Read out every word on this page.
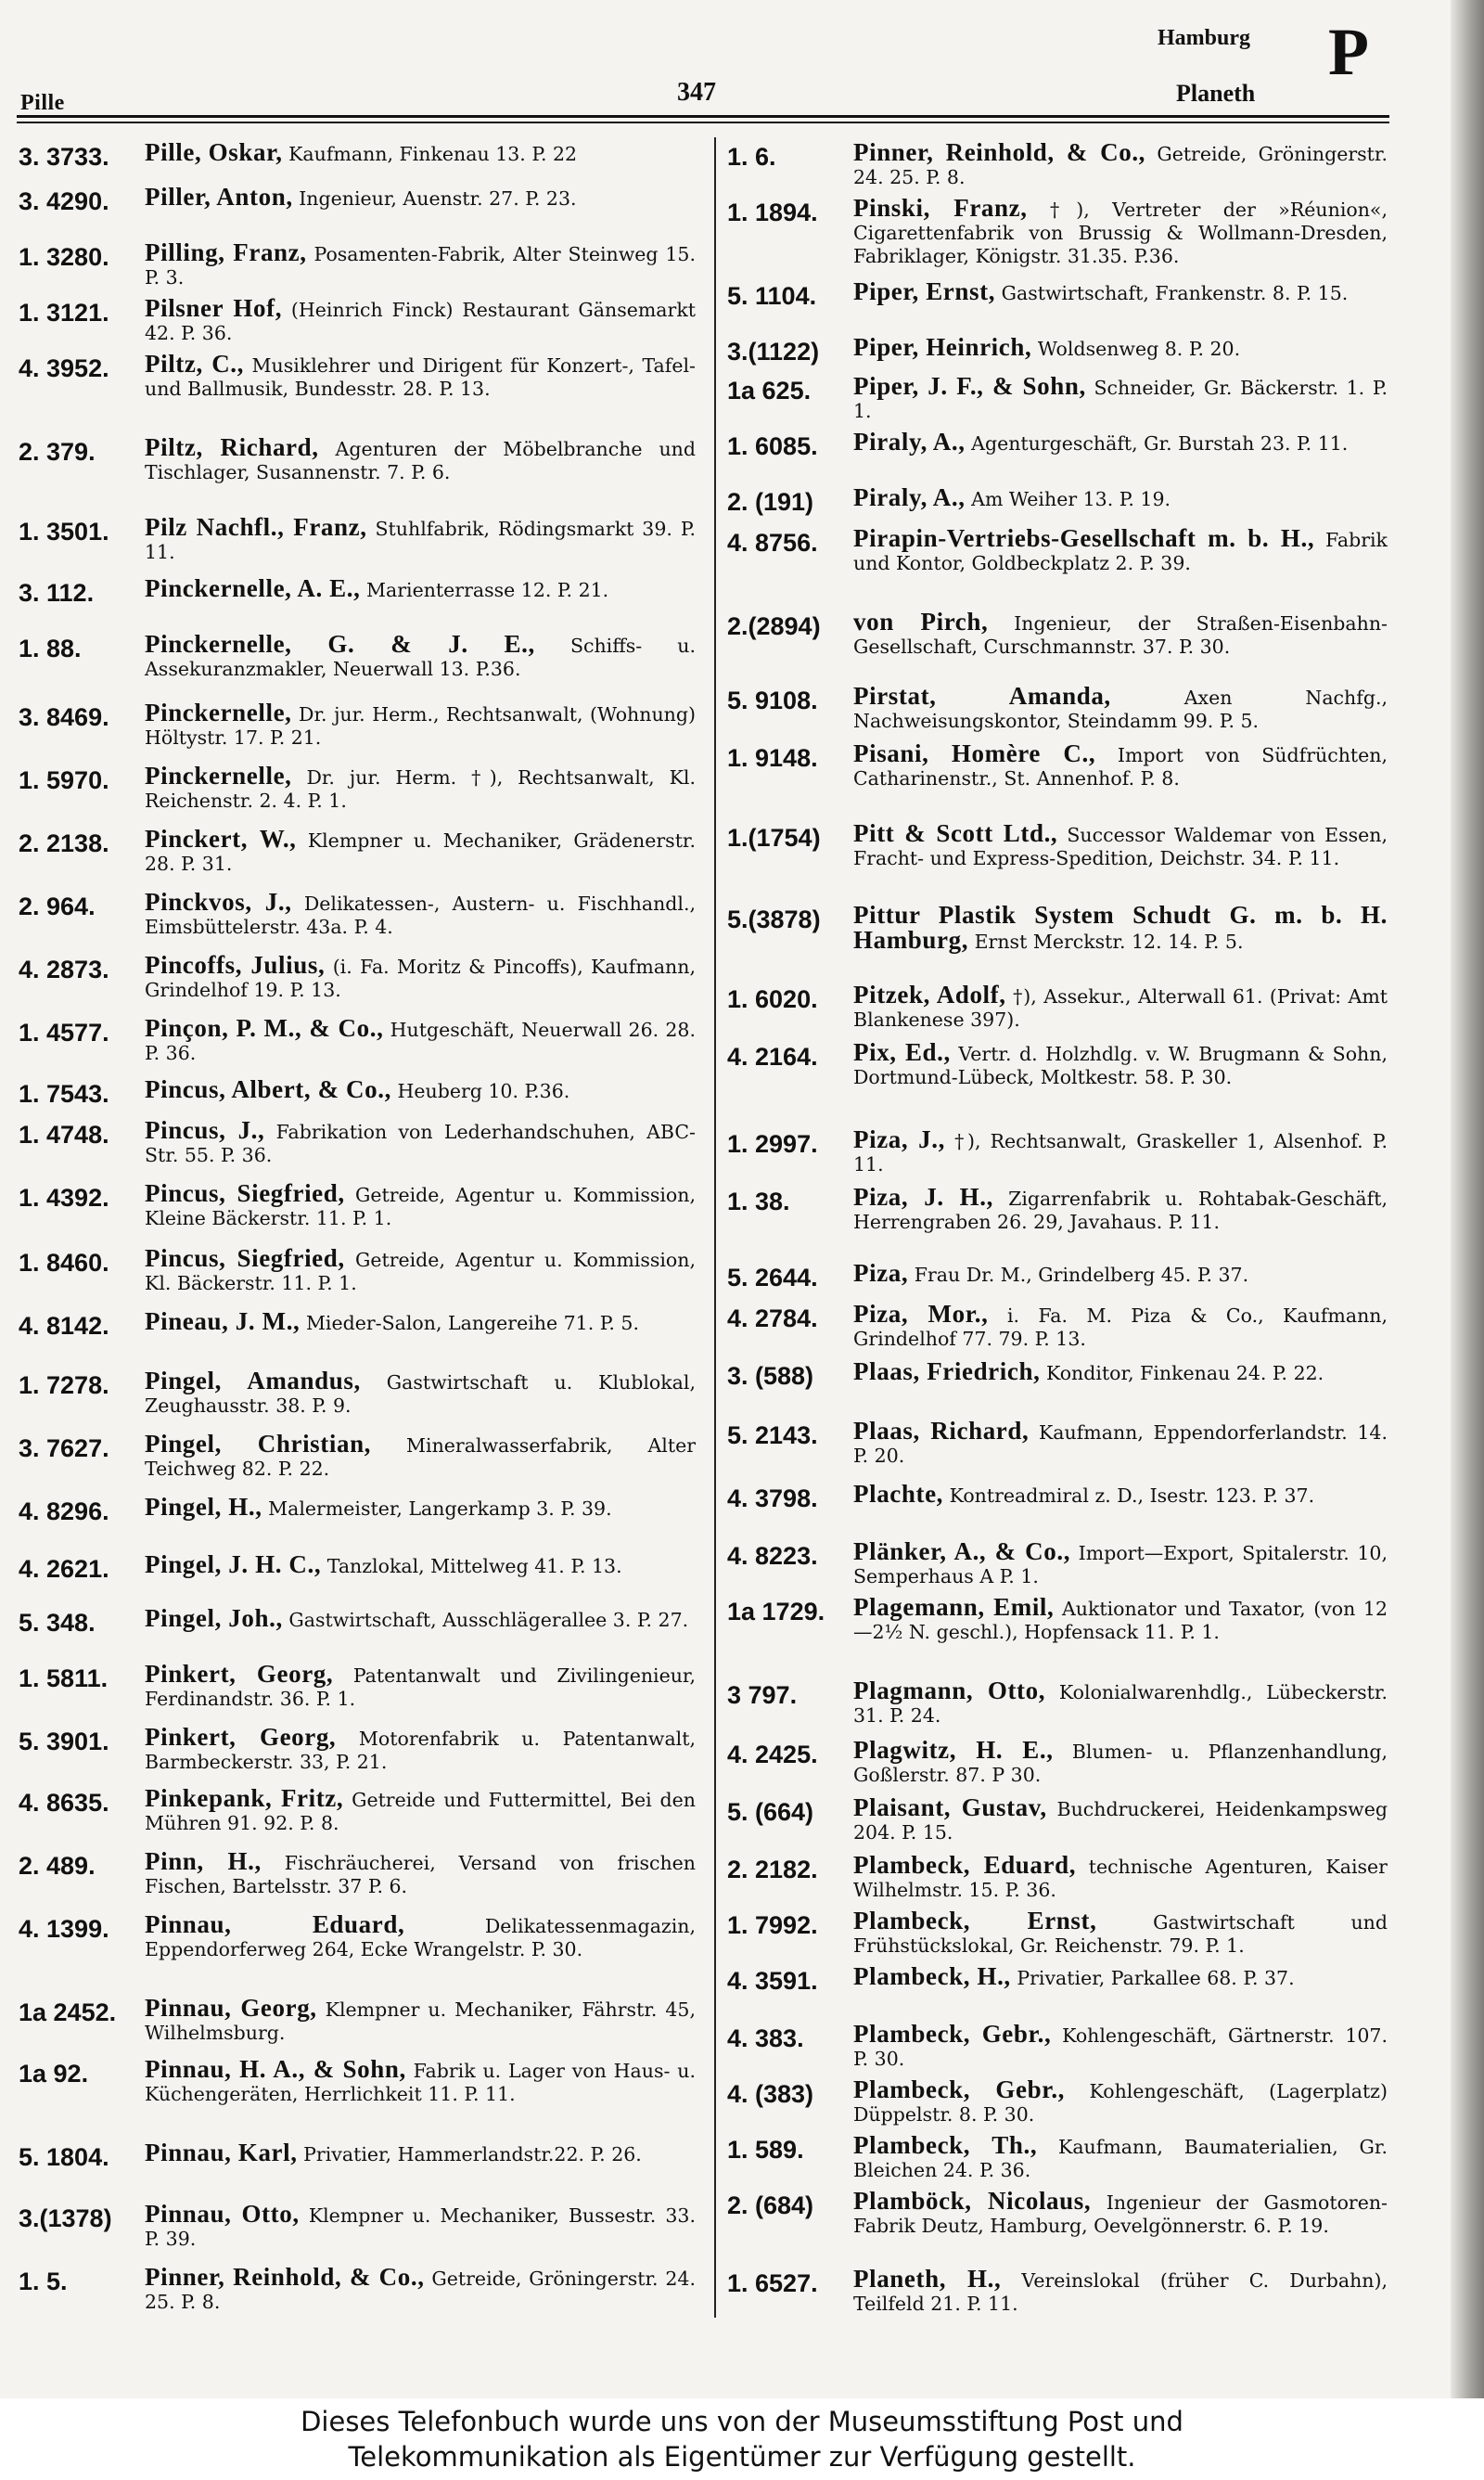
Pille	347
Hamburg
Planeth
P
3. 3733.	Pille, Oskar, Kaufmann, Finkenau 13. P. 22
3. 4290.	Piller, Anton, Ingenieur, Auenstr. 27. P. 23.
1. 3280.	Pilling, Franz, Posamenten-Fabrik, Alter Steinweg 15. P. 3.
1. 3121.	Pilsner Hof, (Heinrich Finck) Restaurant Gänsemarkt 42. P. 36.
4. 3952.	Piltz, C., Musiklehrer und Dirigent für Konzert-, Tafel- und Ballmusik, Bundesstr. 28. P. 13.
2. 379.	Piltz, Richard, Agenturen der Möbelbranche und Tischlager, Susannenstr. 7. P. 6.
1. 3501.	Pilz Nachfl., Franz, Stuhlfabrik, Rödingsmarkt 39. P. 11.
3. 112.	Pinckernelle, A. E., Marienterrasse 12. P. 21.
1. 88.	Pinckernelle, G. & J. E., Schiffs- u. Assekuranzmakler, Neuerwall 13. P.36.
3. 8469.	Pinckernelle, Dr. jur. Herm., Rechtsanwalt, (Wohnung) Höltystr. 17. P. 21.
1. 5970.	Pinckernelle, Dr. jur. Herm. †), Rechtsanwalt, Kl. Reichenstr. 2. 4. P. 1.
2. 2138.	Pinckert, W., Klempner u. Mechaniker, Grädenerstr. 28. P. 31.
2. 964.	Pinckvos, J., Delikatessen-, Austern- u. Fischhandl., Eimsbüttelerstr. 43a. P. 4.
4. 2873.	Pincoffs, Julius, (i. Fa. Moritz & Pincoffs), Kaufmann, Grindelhof 19. P. 13.
1. 4577.	Pinçon, P. M., & Co., Hutgeschäft, Neuerwall 26. 28. P. 36.
1. 7543.	Pincus, Albert, & Co., Heuberg 10. P.36.
1. 4748.	Pincus, J., Fabrikation von Lederhandschuhen, ABC-Str. 55. P. 36.
1. 4392.	Pincus, Siegfried, Getreide, Agentur u. Kommission, Kleine Bäckerstr. 11. P. 1.
1. 8460.	Pincus, Siegfried, Getreide, Agentur u. Kommission, Kl. Bäckerstr. 11. P. 1.
4. 8142.	Pineau, J. M., Mieder-Salon, Langereihe 71. P. 5.
1. 7278.	Pingel, Amandus, Gastwirtschaft u. Klublokal, Zeughausstr. 38. P. 9.
3. 7627.	Pingel, Christian, Mineralwasserfabrik, Alter Teichweg 82. P. 22.
4. 8296.	Pingel, H., Malermeister, Langerkamp 3. P. 39.
4. 2621.	Pingel, J. H. C., Tanzlokal, Mittelweg 41. P. 13.
5. 348.	Pingel, Joh., Gastwirtschaft, Ausschlägerallee 3. P. 27.
1. 5811.	Pinkert, Georg, Patentanwalt und Zivilingenieur, Ferdinandstr. 36. P. 1.
5. 3901.	Pinkert, Georg, Motorenfabrik u. Patentanwalt, Barmbeckerstr. 33, P. 21.
4. 8635.	Pinkepank, Fritz, Getreide und Futtermittel, Bei den Mühren 91. 92. P. 8.
2. 489.	Pinn, H., Fischräucherei, Versand von frischen Fischen, Bartelsstr. 37 P. 6.
4. 1399.	Pinnau, Eduard,	Delikatessenmagazin, Eppendorferweg 264, Ecke Wrangelstr. P. 30.
1a 2452.	Pinnau, Georg, Klempner u. Mechaniker, Fährstr. 45, Wilhelmsburg.
1a 92.	Pinnau, H. A., & Sohn, Fabrik u. Lager von Haus- u. Küchengeräten, Herrlichkeit 11. P. 11.
5. 1804.	Pinnau, Karl, Privatier, Hammerlandstr.22. P. 26.
3.(1378)	Pinnau, Otto, Klempner u. Mechaniker, Bussestr. 33. P. 39.
1. 5.	Pinner, Reinhold, & Co., Getreide, Gröningerstr. 24. 25. P. 8.
1. 6.	Pinner, Reinhold, & Co., Getreide, Gröningerstr. 24. 25. P. 8.
1. 1894.	Pinski, Franz, †), Vertreter der »Réunion«, Cigarettenfabrik von Brussig & Wollmann-Dresden, Fabriklager, Königstr. 31.35. P.36.
5. 1104.	Piper, Ernst, Gastwirtschaft, Frankenstr. 8. P. 15.
3.(1122)	Piper, Heinrich, Woldsenweg 8. P. 20.
1a 625.	Piper, J. F., & Sohn, Schneider, Gr. Bäckerstr. 1. P. 1.
1. 6085.	Piraly, A., Agenturgeschäft, Gr. Burstah 23. P. 11.
2. (191)	Piraly, A., Am Weiher 13. P. 19.
4. 8756.	Pirapin-Vertriebs-Gesellschaft m. b. H., Fabrik und Kontor, Goldbeckplatz 2. P. 39.
2.(2894)	von Pirch, Ingenieur, der Straßen-Eisenbahn-Gesellschaft, Curschmannstr. 37. P. 30.
5. 9108.	Pirstat, Amanda,	Axen Nachfg., Nachweisungskontor, Steindamm 99. P. 5.
1. 9148.	Pisani, Homère C., Import von Südfrüchten, Catharinenstr., St. Annenhof. P. 8.
1.(1754)	Pitt & Scott Ltd., Successor Waldemar von Essen, Fracht- und Express-Spedition, Deichstr. 34. P. 11.
5.(3878)	Pittur Plastik System Schudt G. m. b. H. Hamburg, Ernst Merckstr. 12. 14. P. 5.
1. 6020.	Pitzek, Adolf, †), Assekur., Alterwall 61. (Privat: Amt Blankenese 397).
4. 2164.	Pix, Ed., Vertr. d. Holzhdlg. v. W. Brugmann & Sohn, Dortmund-Lübeck, Moltkestr. 58. P. 30.
1. 2997.	Piza, J., †), Rechtsanwalt, Graskeller 1, Alsenhof. P. 11.
1. 38.	Piza, J. H., Zigarrenfabrik u. Rohtabak-Geschäft, Herrengraben 26. 29, Javahaus. P. 11.
5. 2644.	Piza, Frau Dr. M., Grindelberg 45. P. 37.
4. 2784.	Piza, Mor., i. Fa. M. Piza & Co., Kaufmann, Grindelhof 77. 79. P. 13.
3. (588)	Plaas, Friedrich, Konditor, Finkenau 24. P. 22.
5. 2143.	Plaas, Richard, Kaufmann, Eppendorferlandstr. 14. P. 20.
4. 3798.	Plachte, Kontreadmiral z. D., Isestr. 123. P. 37.
4. 8223.	Plänker, A., & Co., Import—Export, Spitalerstr. 10, Semperhaus A P. 1.
1a 1729.	Plagemann, Emil, Auktionator und Taxator, (von 12—2½ N. geschl.), Hopfensack 11. P. 1.
3 797.	Plagmann, Otto, Kolonialwarenhdlg., Lübeckerstr. 31. P. 24.
4. 2425.	Plagwitz, H. E., Blumen- u. Pflanzenhandlung, Goßlerstr. 87. P 30.
5. (664)	Plaisant, Gustav, Buchdruckerei, Heidenkampsweg 204. P. 15.
2. 2182.	Plambeck, Eduard, technische Agenturen, Kaiser Wilhelmstr. 15. P. 36.
1. 7992.	Plambeck, Ernst,	Gastwirtschaft und Frühstückslokal, Gr. Reichenstr. 79. P. 1.
4. 3591.	Plambeck, H., Privatier, Parkallee 68. P. 37.
4. 383.	Plambeck, Gebr., Kohlengeschäft, Gärtnerstr. 107. P. 30.
4. (383)	Plambeck, Gebr., Kohlengeschäft, (Lagerplatz) Düppelstr. 8. P. 30.
1. 589.	Plambeck, Th., Kaufmann, Baumaterialien, Gr. Bleichen 24. P. 36.
2. (684)	Plamböck, Nicolaus, Ingenieur der Gasmotoren-Fabrik Deutz, Hamburg, Oevelgönnerstr. 6. P. 19.
1. 6527.	Planeth, H., Vereinslokal (früher C. Durbahn), Teilfeld 21. P. 11.
Dieses Telefonbuch wurde uns von der Museumsstiftung Post und
Telekommunikation als Eigentümer zur Verfügung gestellt.
